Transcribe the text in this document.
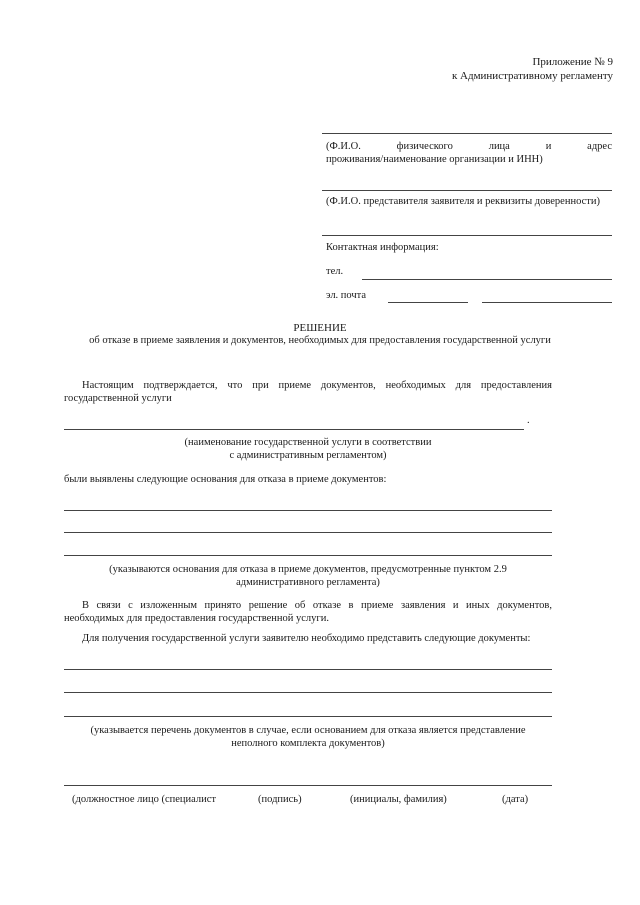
Приложение № 9
к Административному регламенту
(Ф.И.О.        физического        лица        и        адрес
проживания/наименование организации и ИНН)
(Ф.И.О. представителя заявителя и реквизиты доверенности)
Контактная информация:
тел.
эл. почта
РЕШЕНИЕ
об отказе в приеме заявления и документов, необходимых для предоставления государственной услуги
Настоящим подтверждается, что при приеме документов, необходимых для предоставления
государственной услуги
.
(наименование государственной услуги в соответствии
с административным регламентом)
были выявлены следующие основания для отказа в приеме документов:
(указываются основания для отказа в приеме документов, предусмотренные пунктом 2.9
административного регламента)
В связи с изложенным принято решение об отказе в приеме заявления и иных документов,
необходимых для предоставления государственной услуги.
Для получения государственной услуги заявителю необходимо представить следующие документы:
(указывается перечень документов в случае, если основанием для отказа является представление
неполного комплекта документов)
(должностное лицо (специалист	(подпись)	(инициалы, фамилия)	(дата)
